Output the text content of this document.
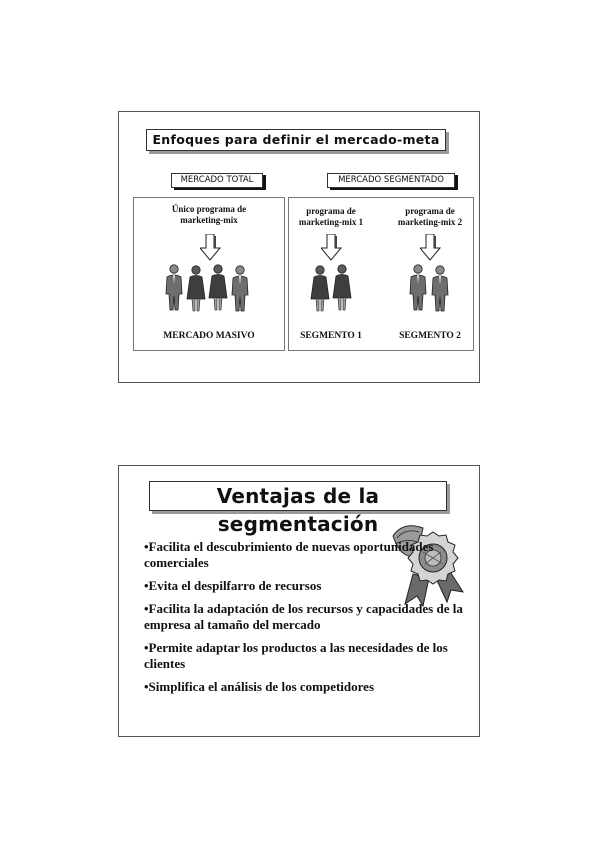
Enfoques para definir el mercado-meta
MERCADO TOTAL	MERCADO SEGMENTADO
Único programa de
marketing-mix
MERCADO MASIVO
programa de
marketing-mix 1
programa de
marketing-mix 2
SEGMENTO 1	SEGMENTO 2
Ventajas de la segmentación
•Facilita el descubrimiento de nuevas oportunidades comerciales
•Evita el despilfarro de recursos
•Facilita la adaptación de los recursos y capacidades de la empresa al tamaño del mercado
•Permite adaptar los productos a las necesidades de los clientes
•Simplifica el análisis de los competidores
